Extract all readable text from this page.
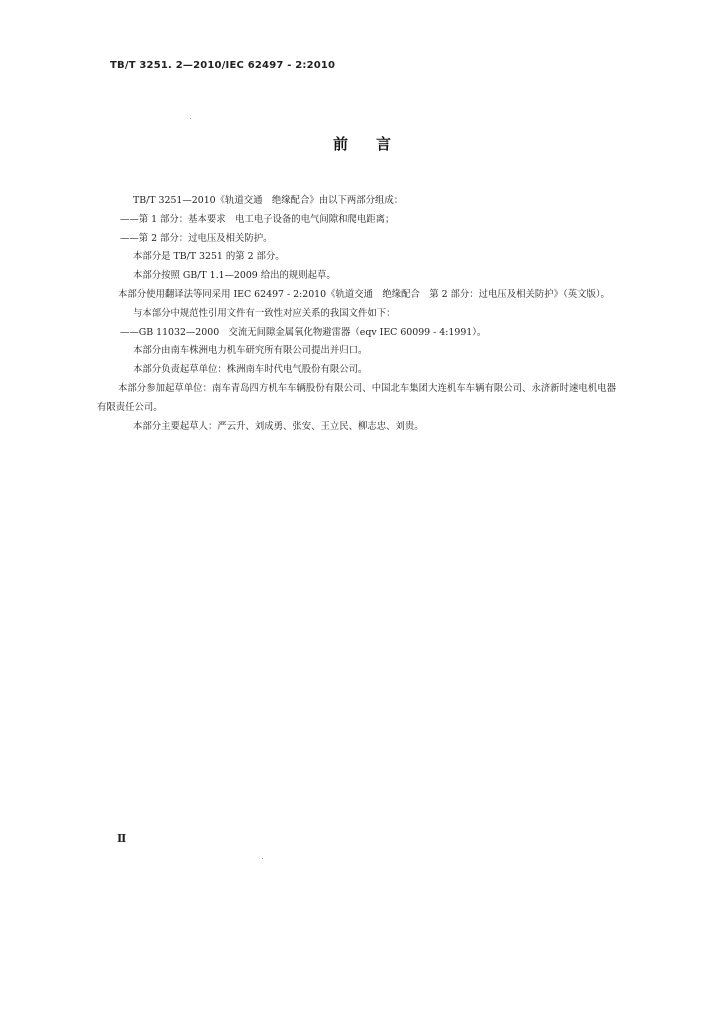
TB/T 3251. 2—2010/IEC 62497 - 2:2010
前言

TB/T 3251—2010《轨道交通　绝缘配合》由以下两部分组成：

——第 1 部分：基本要求　电工电子设备的电气间隙和爬电距离；

——第 2 部分：过电压及相关防护。

本部分是 TB/T 3251 的第 2 部分。

本部分按照 GB/T 1.1—2009 给出的规则起草。

本部分使用翻译法等同采用 IEC 62497 - 2:2010《轨道交通　绝缘配合　第 2 部分：过电压及相关防护》（英文版）。

与本部分中规范性引用文件有一致性对应关系的我国文件如下：

——GB 11032—2000　交流无间隙金属氧化物避雷器（eqv IEC 60099 - 4:1991）。

本部分由南车株洲电力机车研究所有限公司提出并归口。

本部分负责起草单位：株洲南车时代电气股份有限公司。

本部分参加起草单位：南车青岛四方机车车辆股份有限公司、中国北车集团大连机车车辆有限公司、永济新时速电机电器有限责任公司。

本部分主要起草人：严云升、刘成勇、张安、王立民、柳志忠、刘贵。

Ⅱ
